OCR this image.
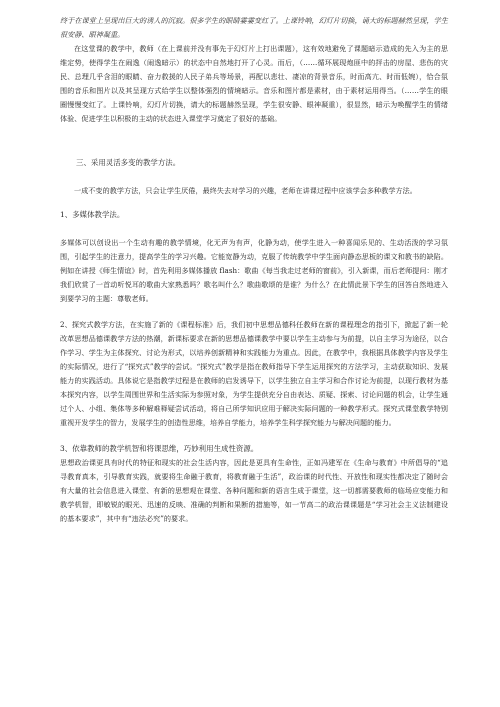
终于在课堂上呈现出巨大的诱人的沉寂。很多学生的眼睛霎霎变红了。上课铃响，幻灯片切换，诵大的标题赫然呈现，学生很安静、眼神凝重。

在这堂课的教学中，教师（在上课前并没有事先于幻灯片上打出课题），这有效地避免了课题暗示造成的先入为主的思维定势，使得学生在闹逸（闹逸暗示）的状态中自然地打开了心灵。而后，（……循环展现炮匪中的抨击的房屋、悲伤的灾民、总理几乎含泪的眼睛、奋力救援的人民子弟兵等场景，再配以悲壮、凄凉的背景音乐，时而高亢、时而低婉），恰合氛围的音乐和图片以及其呈现方式给学生以整体强烈的情境暗示。音乐和图片都是素材，由于素材运用得当。（……学生的眼圈慢慢变红了。上课铃响，幻灯片切换，请大的标题赫然呈现，学生很安静、眼神凝重），很显然，暗示为唤醒学生的情绪体验、促进学生以积极的主动的状态进入课堂学习奠定了很好的基础。

三、采用灵活多变的教学方法。

一成不变的教学方法，只会让学生厌倦，最终失去对学习的兴趣，老师在讲课过程中应该学会多种教学方法。

1、多媒体教学法。

多媒体可以创设出一个生动有趣的教学情境，化无声为有声，化静为动，使学生进入一种喜闻乐见的、生动活泼的学习氛围，引起学生的注意力，提高学生的学习兴趣。它能宽静为动，克服了传统教学中学生面向静态思板的课文和教书的缺陷。例如在讲授《师生情谊》时，首先利用多媒体播放 flash：歌曲《每当我走过老师的窗前》，引入新课，而后老师提问：刚才我们欣赏了一首动听悦耳的歌曲大家熟悉吗？歌名叫什么？歌曲歌颂的是谁？为什么？在此情此景下学生的回答自然地进入到要学习的主题：尊敬老师。

2、探究式教学方法，在实施了新的《课程标准》后，我们初中思想品德科任教师在新的课程理念的指引下，掀起了新一轮改革思想品德课教学方法的热潮，新课标要求在新的思想品德课教学中要以学生主动参与为前提，以自主学习为途径，以合作学习、学生为主体探究、讨论为形式，以培养创新精神和实践能力为重点。因此，在教学中，我根据具体教学内容及学生的实际情况，进行了“探究式”教学的尝试。“探究式”教学是指在教师指导下学生运用探究的方法学习，主动获取知识、发展能力的实践活动。具体说它是指教学过程是在教师的启发诱导下，以学生独立自主学习和合作讨论为前提，以现行教材为基本探究内容，以学生周围世界和生活实际为参照对象，为学生提供充分自由表达、质疑、探索、讨论问题的机会，让学生通过个人、小组、集体等多种解难释疑尝试活动，将自己所学知识应用于解决实际问题的一种教学形式。探究式课堂教学特别重视开发学生的智力，发展学生的创造性思维，培养自学能力，培养学生科学探究能力与解决问题的能力。

3、依靠教师的教学机智和将课思维，巧妙利用生成性资源。

思想政治课更具有时代的特征和现实的社会生活内容，因此是更具有生命性，正如冯建军在《生命与教育》中所倡导的“追寻教育真本，引导教育实践，就要将生命融于教育，将教育融于生活”，政治课的时代性、开放性和现实性都决定了随时会有大量的社会信息进入课堂、有新的思想观在课堂、各种问题和新的语言生成于课堂，这一切都需要教师的临场应变能力和教学机智，即敏锐的眼光、迅速的反映、准确的判断和果断的措施等，如一节高二的政治课课题是“学习社会主义法制建设的基本要求”，其中有“违法必究”的要求。
